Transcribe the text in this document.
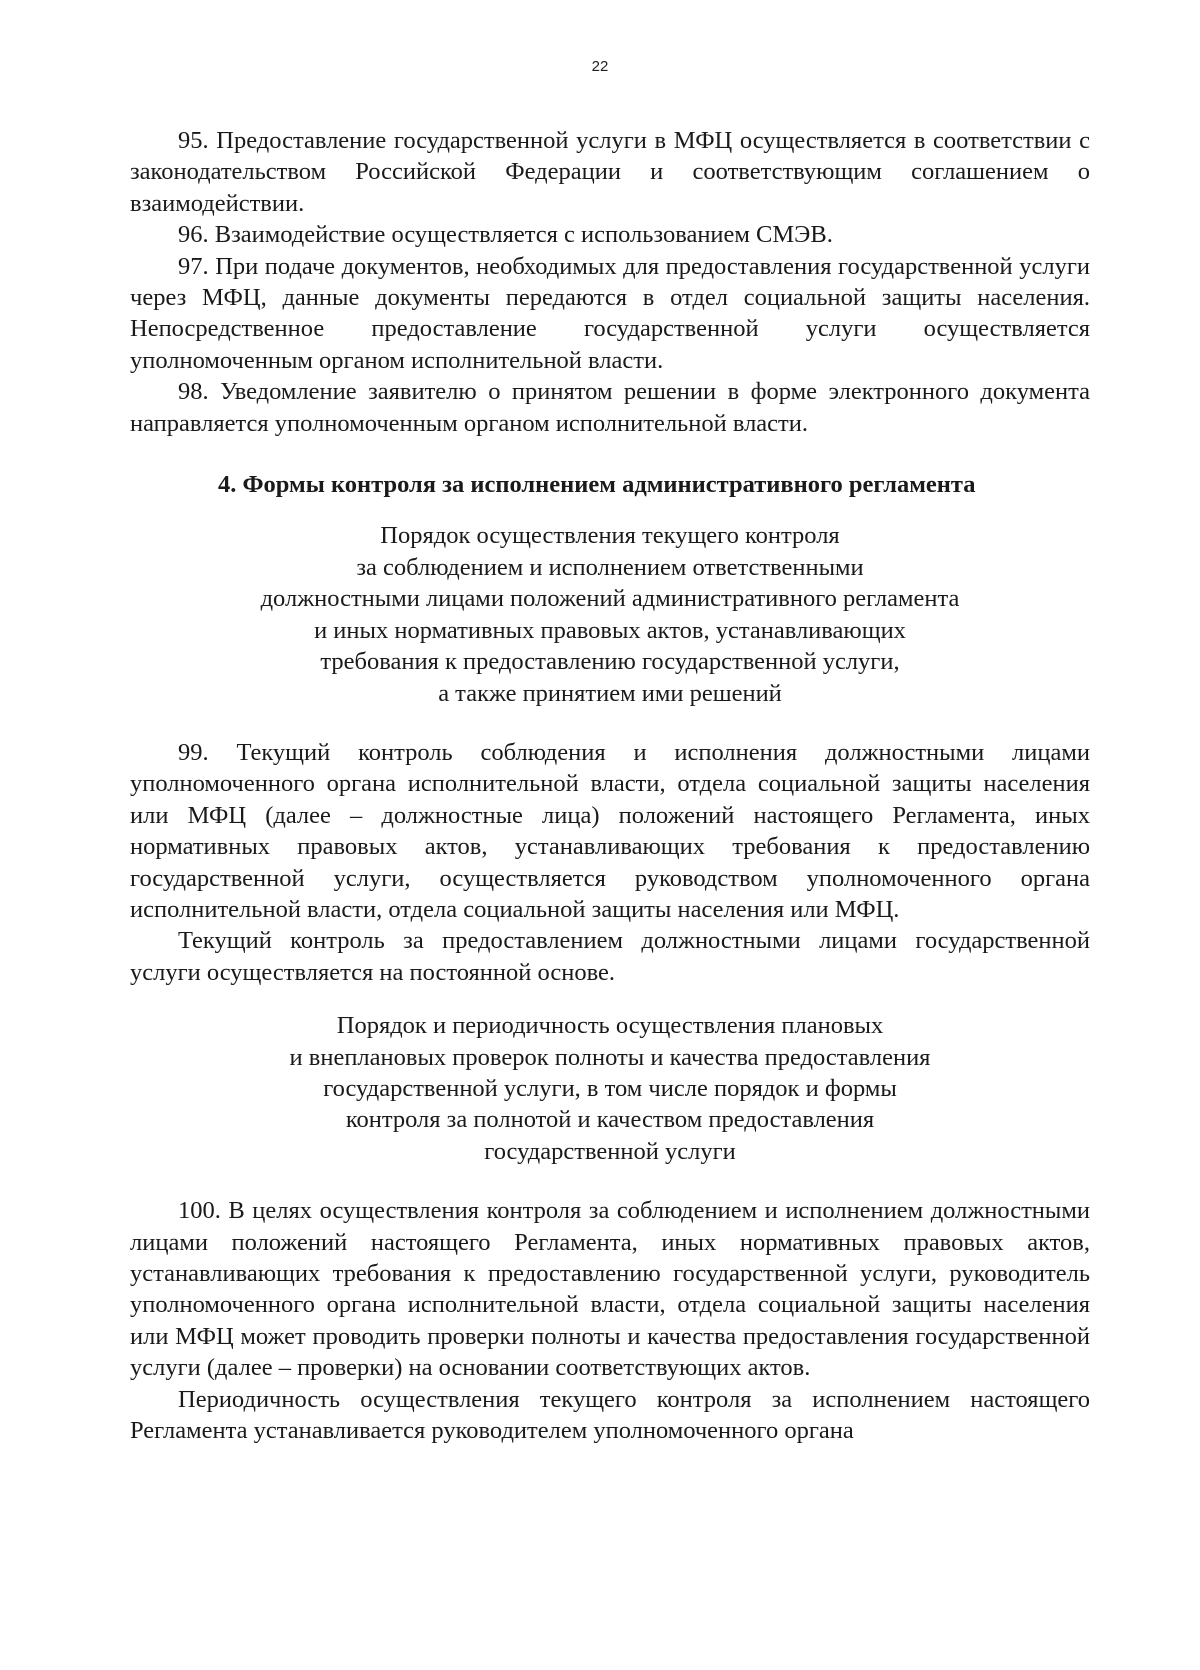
22

95. Предоставление государственной услуги в МФЦ осуществляется в соответствии с законодательством Российской Федерации и соответствующим соглашением о взаимодействии.

96. Взаимодействие осуществляется с использованием СМЭВ.

97. При подаче документов, необходимых для предоставления государственной услуги через МФЦ, данные документы передаются в отдел социальной защиты населения. Непосредственное предоставление государственной услуги осуществляется уполномоченным органом исполнительной власти.

98. Уведомление заявителю о принятом решении в форме электронного документа направляется уполномоченным органом исполнительной власти.

4. Формы контроля за исполнением административного регламента
Порядок осуществления текущего контроля
за соблюдением и исполнением ответственными
должностными лицами положений административного регламента
и иных нормативных правовых актов, устанавливающих
требования к предоставлению государственной услуги,
а также принятием ими решений

99. Текущий контроль соблюдения и исполнения должностными лицами уполномоченного органа исполнительной власти, отдела социальной защиты населения или МФЦ (далее – должностные лица) положений настоящего Регламента, иных нормативных правовых актов, устанавливающих требования к предоставлению государственной услуги, осуществляется руководством уполномоченного органа исполнительной власти, отдела социальной защиты населения или МФЦ.

Текущий контроль за предоставлением должностными лицами государственной услуги осуществляется на постоянной основе.

Порядок и периодичность осуществления плановых
и внеплановых проверок полноты и качества предоставления
государственной услуги, в том числе порядок и формы
контроля за полнотой и качеством предоставления
государственной услуги

100. В целях осуществления контроля за соблюдением и исполнением должностными лицами положений настоящего Регламента, иных нормативных правовых актов, устанавливающих требования к предоставлению государственной услуги, руководитель уполномоченного органа исполнительной власти, отдела социальной защиты населения или МФЦ может проводить проверки полноты и качества предоставления государственной услуги (далее – проверки) на основании соответствующих актов.

Периодичность осуществления текущего контроля за исполнением настоящего Регламента устанавливается руководителем уполномоченного органа
